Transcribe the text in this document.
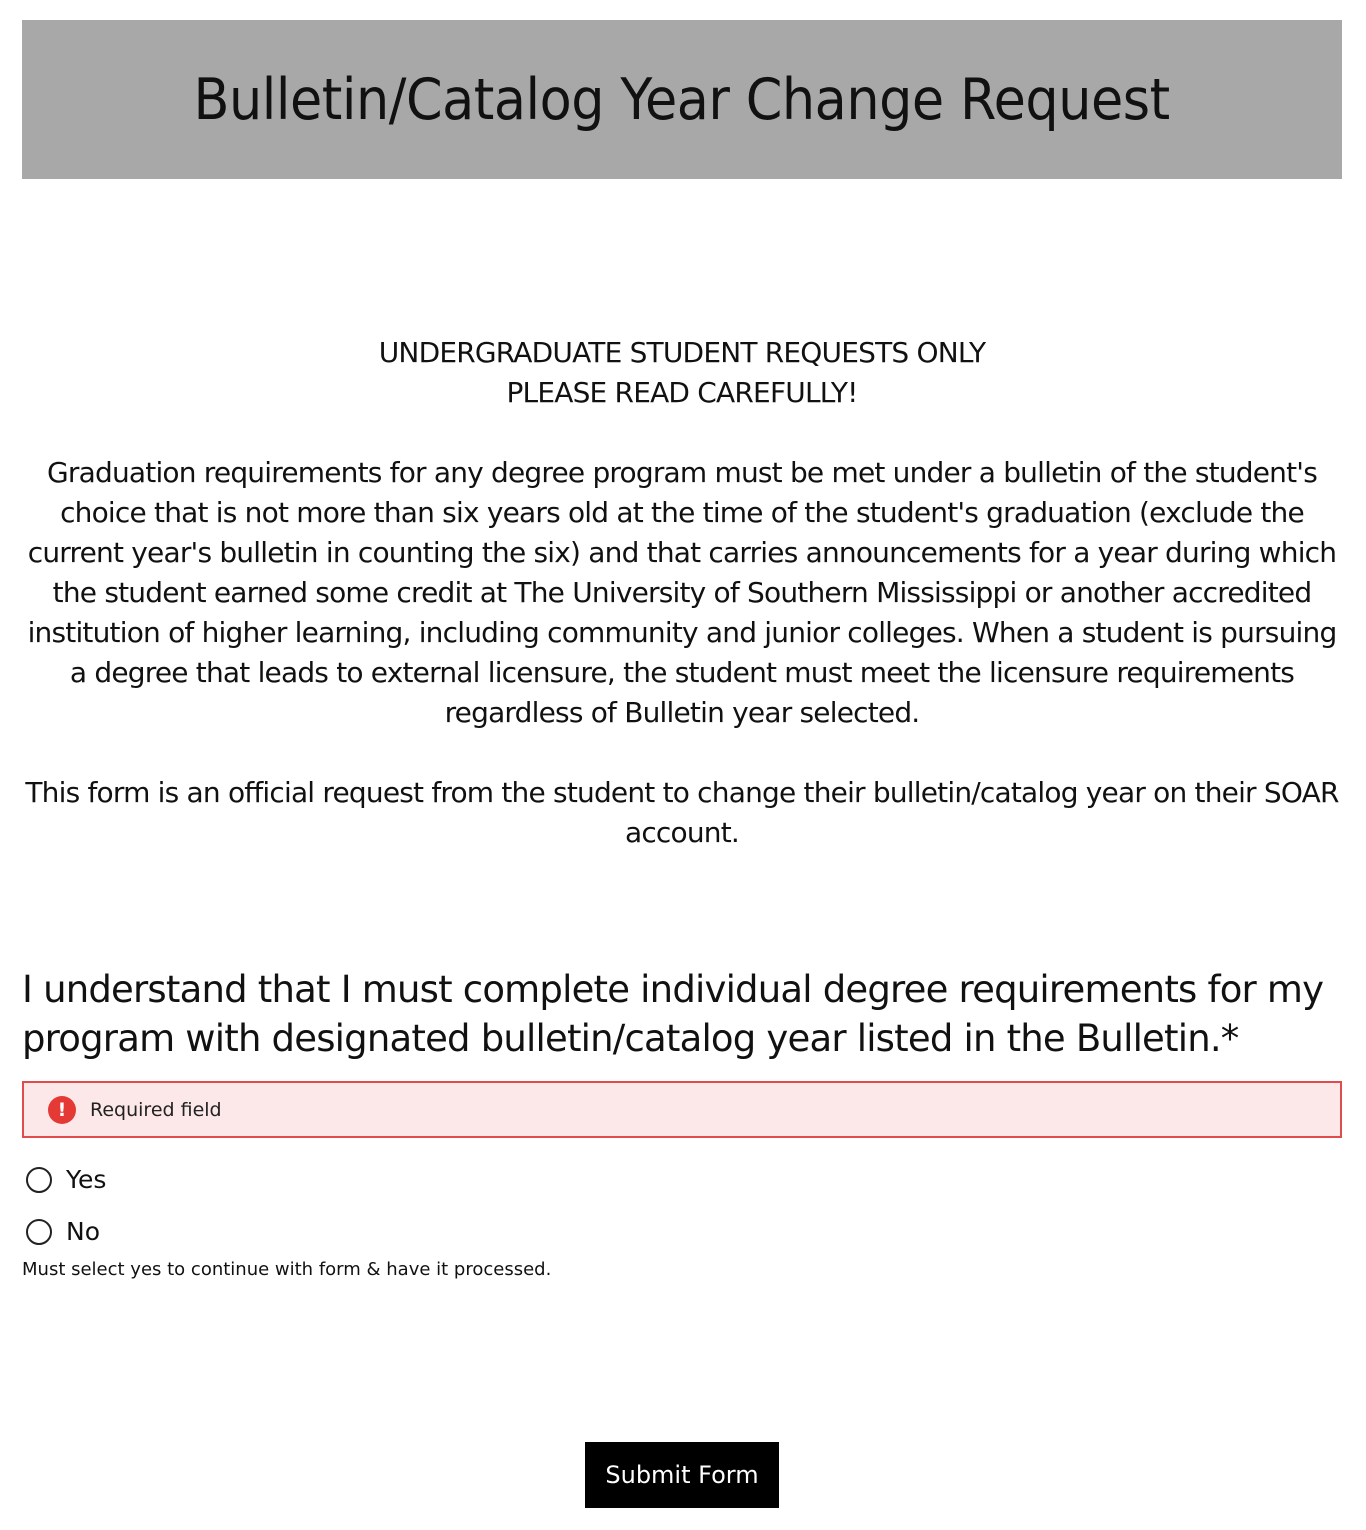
Bulletin/Catalog Year Change Request

UNDERGRADUATE STUDENT REQUESTS ONLY

PLEASE READ CAREFULLY!

Graduation requirements for any degree program must be met under a bulletin of the student's choice that is not more than six years old at the time of the student's graduation (exclude the current year's bulletin in counting the six) and that carries announcements for a year during which the student earned some credit at The University of Southern Mississippi or another accredited institution of higher learning, including community and junior colleges. When a student is pursuing a degree that leads to external licensure, the student must meet the licensure requirements regardless of Bulletin year selected.

This form is an official request from the student to change their bulletin/catalog year on their SOAR account.

I understand that I must complete individual degree requirements for my program with designated bulletin/catalog year listed in the Bulletin.*
!	Required field
Yes
No
Must select yes to continue with form & have it processed.
Submit Form
